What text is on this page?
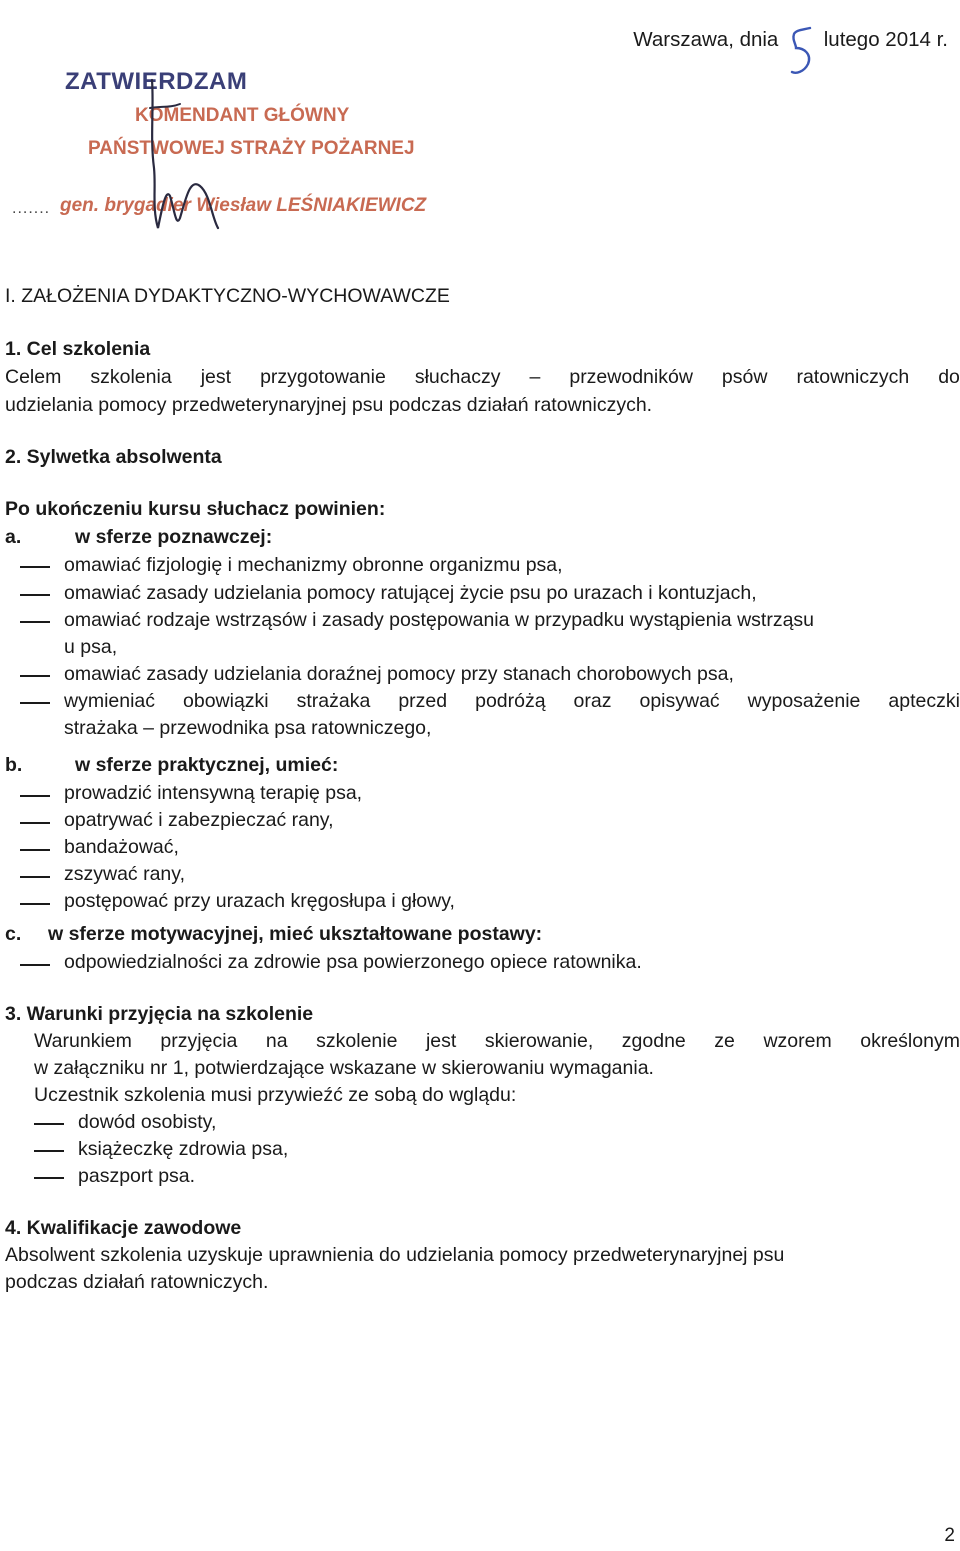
Warszawa, dnia lutego 2014 r.
ZATWIERDZAM
KOMENDANT GŁÓWNY
PAŃSTWOWEJ STRAŻY POŻARNEJ
....... gen. brygadier Wiesław LEŚNIAKIEWICZ
I. ZAŁOŻENIA DYDAKTYCZNO-WYCHOWAWCZE
1. Cel szkolenia
Celem szkolenia jest przygotowanie słuchaczy – przewodników psów ratowniczych do
udzielania pomocy przedweterynaryjnej psu podczas działań ratowniczych.
2. Sylwetka absolwenta
Po ukończeniu kursu słuchacz powinien:
a.	w sferze poznawczej:
omawiać fizjologię i mechanizmy obronne organizmu psa,
omawiać zasady udzielania pomocy ratującej życie psu po urazach i kontuzjach,
omawiać rodzaje wstrząsów i zasady postępowania w przypadku wystąpienia wstrząsu
u psa,
omawiać zasady udzielania doraźnej pomocy przy stanach chorobowych psa,
wymieniać obowiązki strażaka przed podróżą oraz opisywać wyposażenie apteczki
strażaka – przewodnika psa ratowniczego,
b.	w sferze praktycznej, umieć:
prowadzić intensywną terapię psa,
opatrywać i zabezpieczać rany,
bandażować,
zszywać rany,
postępować przy urazach kręgosłupa i głowy,
c. w sferze motywacyjnej, mieć ukształtowane postawy:
odpowiedzialności za zdrowie psa powierzonego opiece ratownika.
3. Warunki przyjęcia na szkolenie
Warunkiem przyjęcia na szkolenie jest skierowanie, zgodne ze wzorem określonym
w załączniku nr 1, potwierdzające wskazane w skierowaniu wymagania.
Uczestnik szkolenia musi przywieźć ze sobą do wglądu:
dowód osobisty,
książeczkę zdrowia psa,
paszport psa.
4. Kwalifikacje zawodowe
Absolwent szkolenia uzyskuje uprawnienia do udzielania pomocy przedweterynaryjnej psu
podczas działań ratowniczych.
2
